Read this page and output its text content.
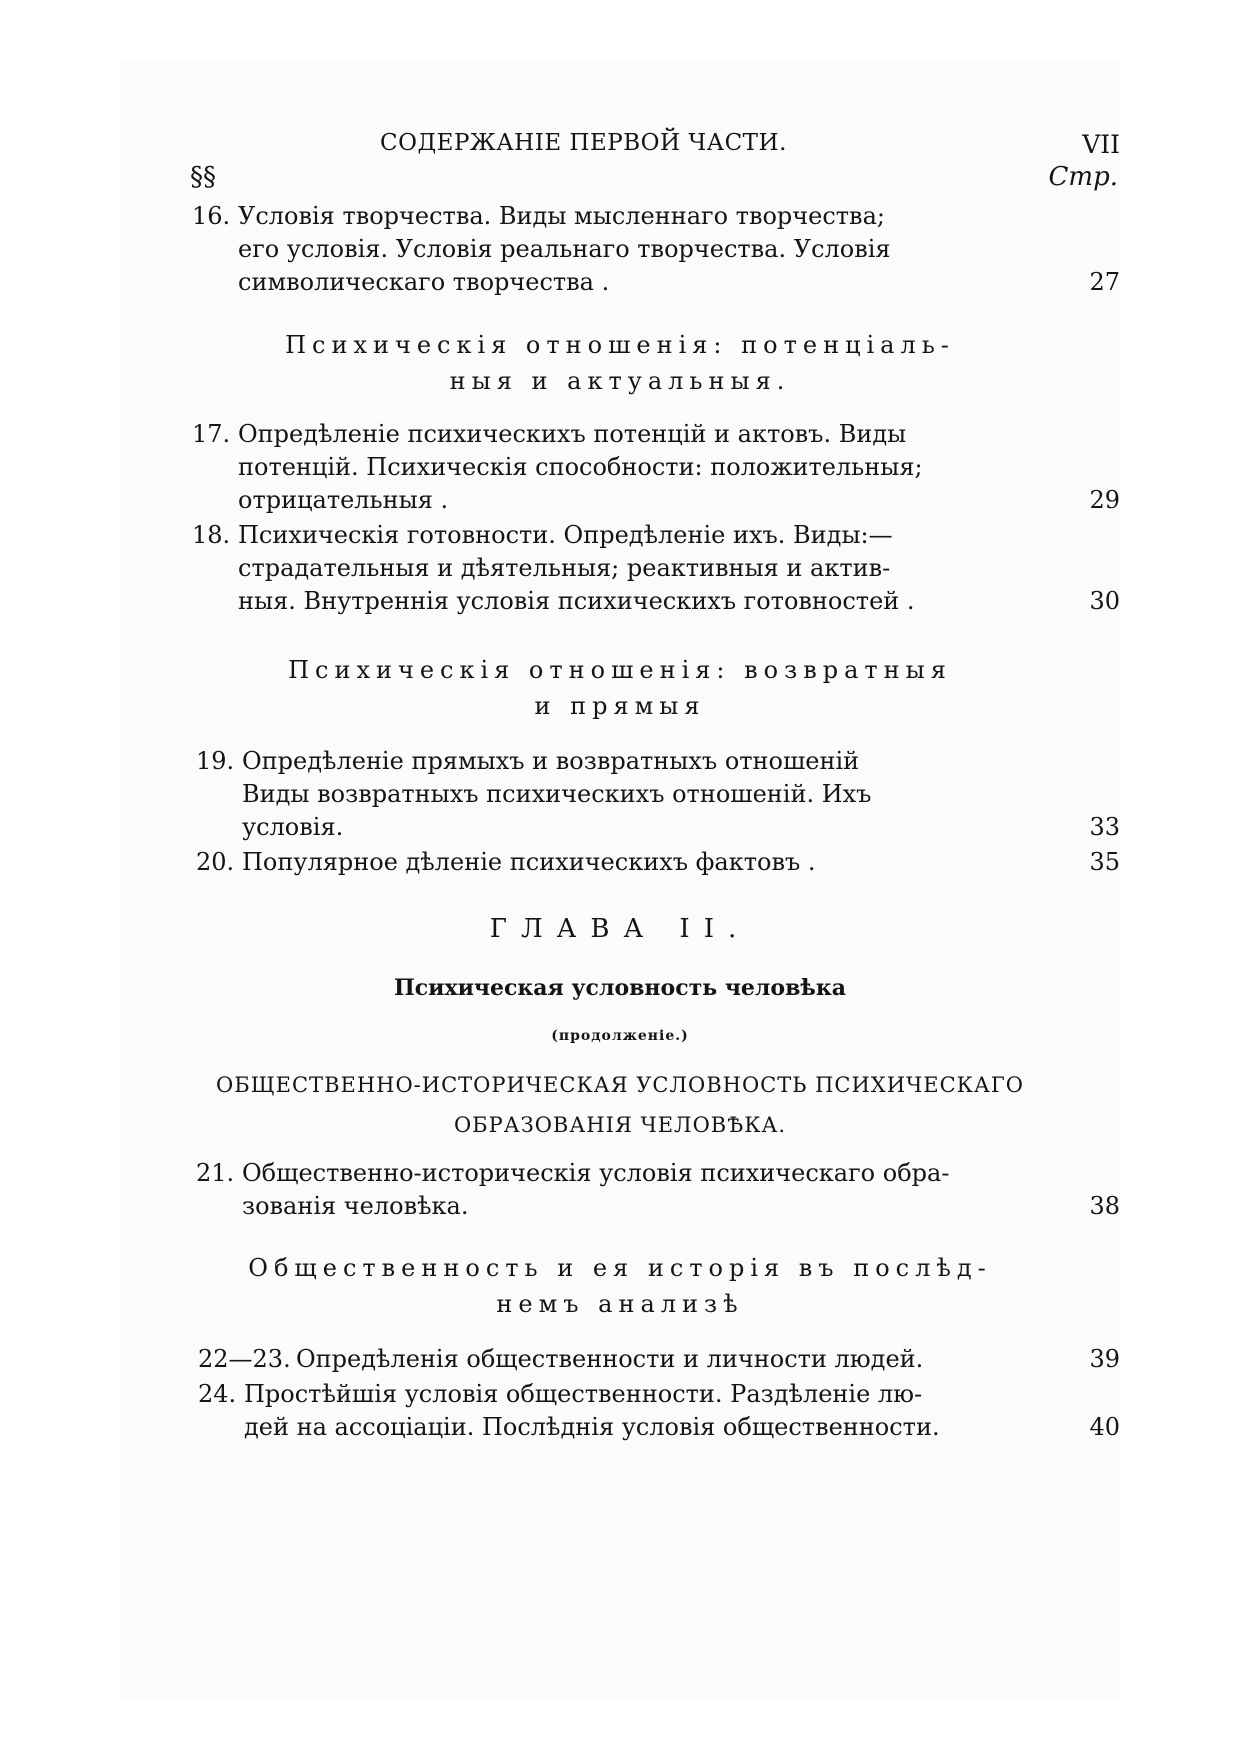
СОДЕРЖАНIЕ ПЕРВОЙ ЧАСТИ.	VII
§§	Стр.
16. Условiя творчества. Виды мысленнаго творчества;
его условiя. Условiя реальнаго творчества. Условiя
символическаго творчества .	27
Психическiя отношенiя: потенцiаль-
ныя и актуальныя.
17. Опредѣленiе психическихъ потенцiй и актовъ. Виды
потенцiй. Психическiя способности: положительныя;
отрицательныя .	29
18. Психическiя готовности. Опредѣленiе ихъ. Виды:—
страдательныя и дѣятельныя; реактивныя и актив-
ныя. Внутреннiя условiя психическихъ готовностей .	30
Психическiя отношенiя: возвратныя
и прямыя
19. Опредѣленiе прямыхъ и возвратныхъ отношенiй
Виды возвратныхъ психическихъ отношенiй. Ихъ
условiя.	33
20. Популярное дѣленiе психическихъ фактовъ .	35
ГЛАВА II.
Психическая условность человѣка
(продолженiе.)
ОБЩЕСТВЕННО-ИСТОРИЧЕСКАЯ УСЛОВНОСТЬ ПСИХИЧЕСКАГО
ОБРАЗОВАНIЯ ЧЕЛОВѢКА.
21. Общественно-историческiя условiя психическаго обра-
зованiя человѣка.	38
Общественность и ея исторiя въ послѣд-
немъ анализѣ
22—23. Опредѣленiя общественности и личности людей.	39
24. Простѣйшiя условiя общественности. Раздѣленiе лю-
дей на ассоцiацiи. Послѣднiя условiя общественности.	40
